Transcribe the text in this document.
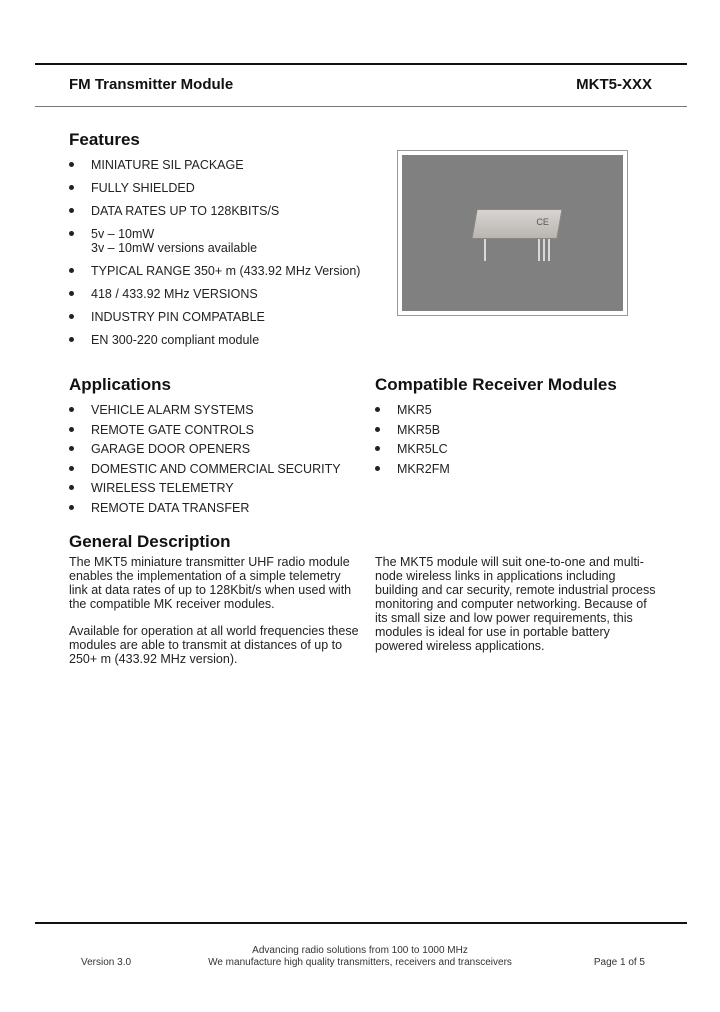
FM Transmitter Module	MKT5-XXX
Features
MINIATURE SIL PACKAGE
FULLY SHIELDED
DATA RATES UP TO 128KBITS/S
5v – 10mW
3v – 10mW versions available
TYPICAL RANGE 350+ m (433.92 MHz Version)
418 / 433.92 MHz VERSIONS
INDUSTRY PIN COMPATABLE
EN 300-220 compliant module
CE
Applications
VEHICLE ALARM SYSTEMS
REMOTE GATE CONTROLS
GARAGE DOOR OPENERS
DOMESTIC AND COMMERCIAL SECURITY
WIRELESS TELEMETRY
REMOTE DATA TRANSFER
Compatible Receiver Modules
MKR5
MKR5B
MKR5LC
MKR2FM
General Description
The MKT5 miniature transmitter UHF radio module enables the implementation of a simple telemetry link at data rates of up to 128Kbit/s when used with the compatible MK receiver modules.
Available for operation at all world frequencies these modules are able to transmit at distances of up to 250+ m (433.92 MHz version).
The MKT5 module will suit one-to-one and multi-node wireless links in applications including building and car security, remote industrial process monitoring and computer networking. Because of its small size and low power requirements, this modules is ideal for use in portable battery powered wireless applications.
Version 3.0
Advancing radio solutions from 100 to 1000 MHz
We manufacture high quality transmitters, receivers and transceivers	Page 1 of 5
